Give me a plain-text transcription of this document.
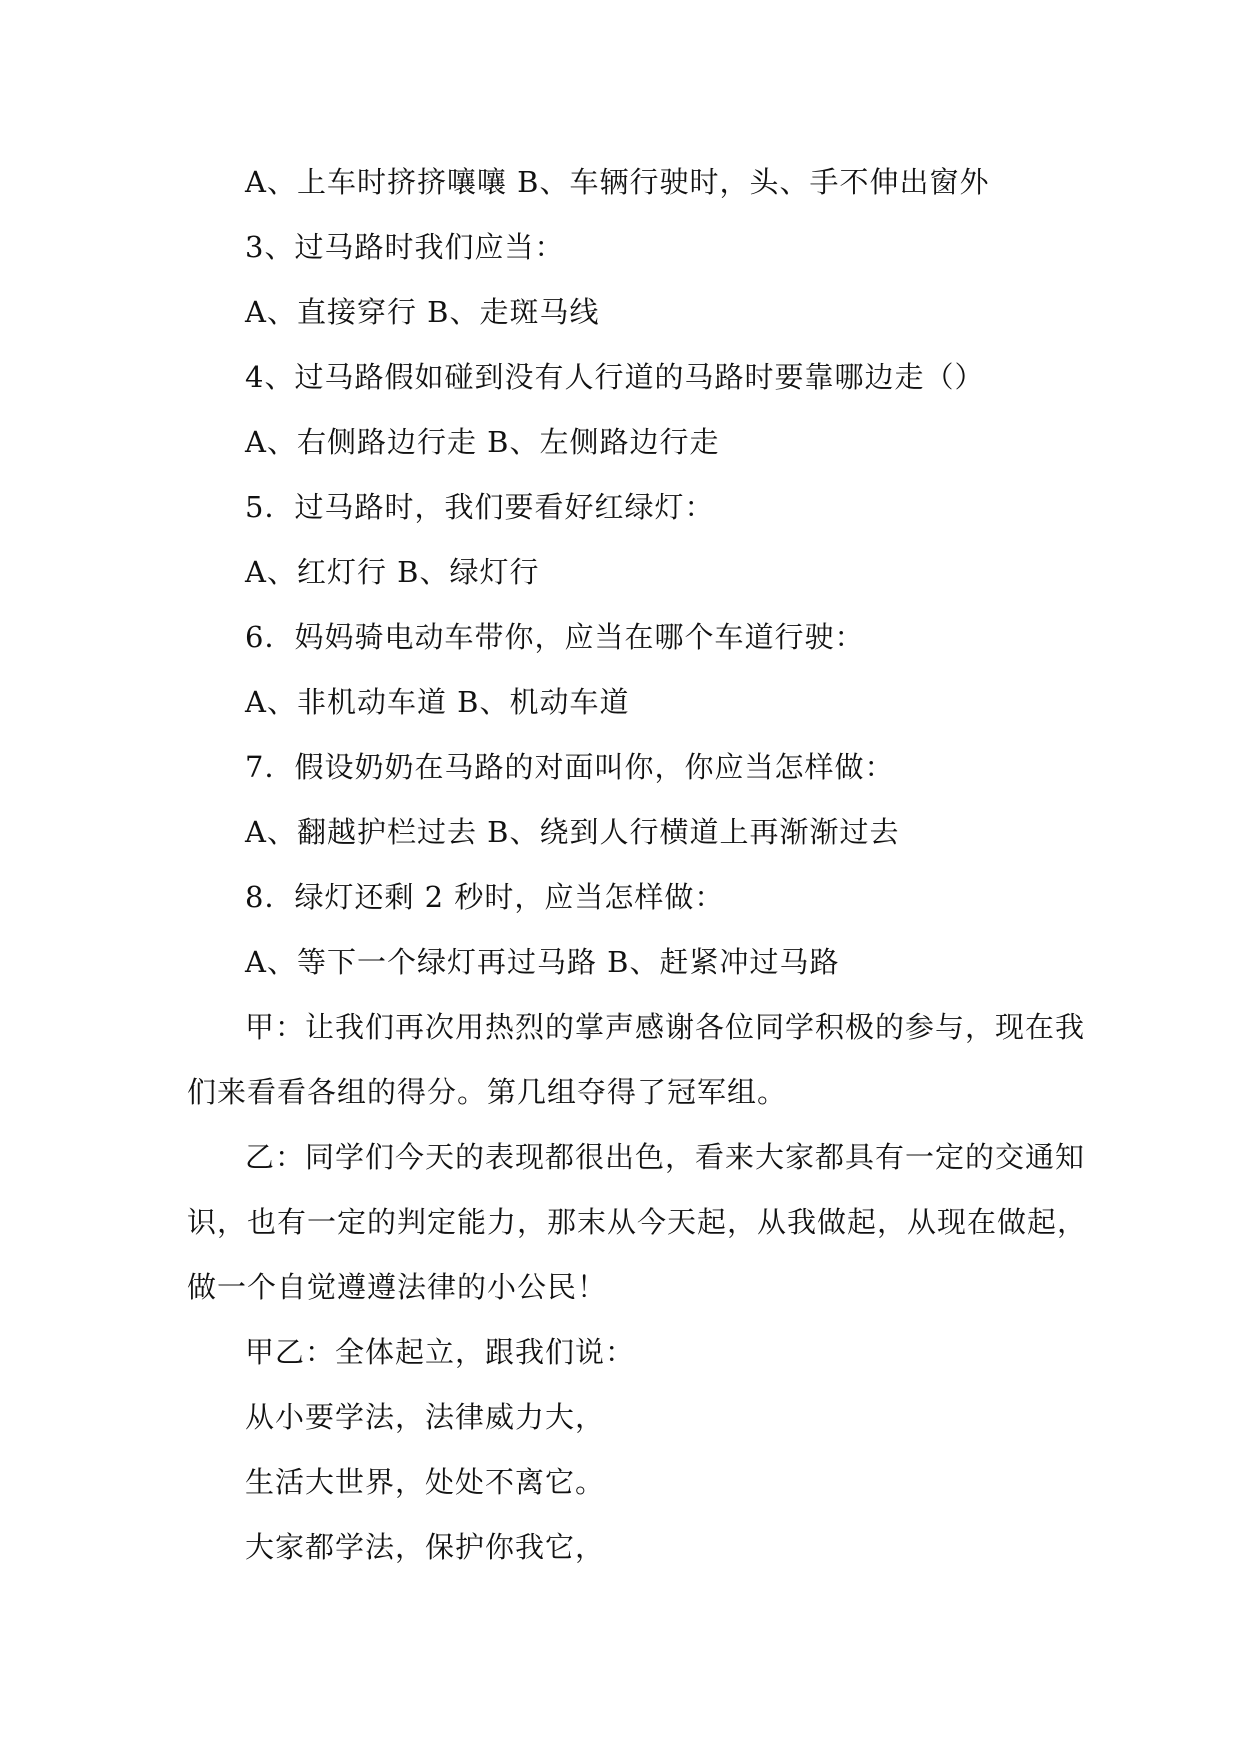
A、上车时挤挤嚷嚷 B、车辆行驶时，头、手不伸出窗外
3、过马路时我们应当：
A、直接穿行 B、走斑马线
4、过马路假如碰到没有人行道的马路时要靠哪边走（）
A、右侧路边行走 B、左侧路边行走
5．过马路时，我们要看好红绿灯：
A、红灯行 B、绿灯行
6．妈妈骑电动车带你，应当在哪个车道行驶：
A、非机动车道 B、机动车道
7．假设奶奶在马路的对面叫你，你应当怎样做：
A、翻越护栏过去 B、绕到人行横道上再渐渐过去
8．绿灯还剩 2 秒时，应当怎样做：
A、等下一个绿灯再过马路 B、赶紧冲过马路
甲：让我们再次用热烈的掌声感谢各位同学积极的参与，现在我
们来看看各组的得分。第几组夺得了冠军组。
乙：同学们今天的表现都很出色，看来大家都具有一定的交通知
识，也有一定的判定能力，那末从今天起，从我做起，从现在做起，
做一个自觉遵遵法律的小公民！
甲乙：全体起立，跟我们说：
从小要学法，法律威力大，
生活大世界，处处不离它。
大家都学法，保护你我它，
